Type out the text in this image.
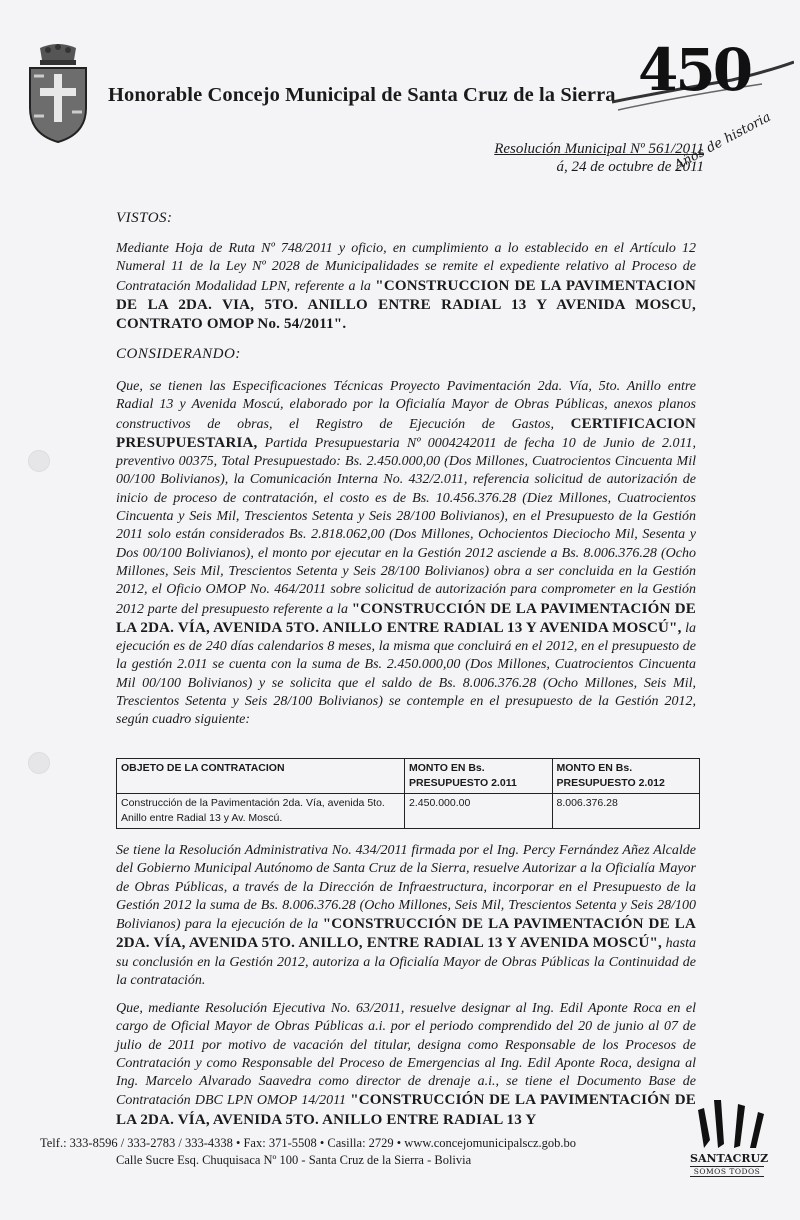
Honorable Concejo Municipal de Santa Cruz de la Sierra 450
Años de historia
Resolución Municipal Nº 561/2011
á, 24 de octubre de 2011
VISTOS:
Mediante Hoja de Ruta Nº 748/2011 y oficio, en cumplimiento a lo establecido en el Artículo 12 Numeral 11 de la Ley Nº 2028 de Municipalidades se remite el expediente relativo al Proceso de Contratación Modalidad LPN, referente a la "CONSTRUCCION DE LA PAVIMENTACION DE LA 2DA. VIA, 5TO. ANILLO ENTRE RADIAL 13 Y AVENIDA MOSCU, CONTRATO OMOP No. 54/2011".
CONSIDERANDO:
Que, se tienen las Especificaciones Técnicas Proyecto Pavimentación 2da. Vía, 5to. Anillo entre Radial 13 y Avenida Moscú, elaborado por la Oficialía Mayor de Obras Públicas, anexos planos constructivos de obras, el Registro de Ejecución de Gastos, CERTIFICACION PRESUPUESTARIA, Partida Presupuestaria Nº 0004242011 de fecha 10 de Junio de 2.011, preventivo 00375, Total Presupuestado: Bs. 2.450.000,00 (Dos Millones, Cuatrocientos Cincuenta Mil 00/100 Bolivianos), la Comunicación Interna No. 432/2.011, referencia solicitud de autorización de inicio de proceso de contratación, el costo es de Bs. 10.456.376.28 (Diez Millones, Cuatrocientos Cincuenta y Seis Mil, Trescientos Setenta y Seis 28/100 Bolivianos), en el Presupuesto de la Gestión 2011 solo están considerados Bs. 2.818.062,00 (Dos Millones, Ochocientos Dieciocho Mil, Sesenta y Dos 00/100 Bolivianos), el monto por ejecutar en la Gestión 2012 asciende a Bs. 8.006.376.28 (Ocho Millones, Seis Mil, Trescientos Setenta y Seis 28/100 Bolivianos) obra a ser concluida en la Gestión 2012, el Oficio OMOP No. 464/2011 sobre solicitud de autorización para comprometer en la Gestión 2012 parte del presupuesto referente a la "CONSTRUCCIÓN DE LA PAVIMENTACIÓN DE LA 2DA. VÍA, AVENIDA 5TO. ANILLO ENTRE RADIAL 13 Y AVENIDA MOSCÚ", la ejecución es de 240 días calendarios 8 meses, la misma que concluirá en el 2012, en el presupuesto de la gestión 2.011 se cuenta con la suma de Bs. 2.450.000,00 (Dos Millones, Cuatrocientos Cincuenta Mil 00/100 Bolivianos) y se solicita que el saldo de Bs. 8.006.376.28 (Ocho Millones, Seis Mil, Trescientos Setenta y Seis 28/100 Bolivianos) se contemple en el presupuesto de la Gestión 2012, según cuadro siguiente:
OBJETO DE LA CONTRATACION	MONTO EN Bs. PRESUPUESTO 2.011	MONTO EN Bs. PRESUPUESTO 2.012
Construcción de la Pavimentación 2da. Vía, avenida 5to. Anillo entre Radial 13 y Av. Moscú.	2.450.000.00	8.006.376.28
Se tiene la Resolución Administrativa No. 434/2011 firmada por el Ing. Percy Fernández Añez Alcalde del Gobierno Municipal Autónomo de Santa Cruz de la Sierra, resuelve Autorizar a la Oficialía Mayor de Obras Públicas, a través de la Dirección de Infraestructura, incorporar en el Presupuesto de la Gestión 2012 la suma de Bs. 8.006.376.28 (Ocho Millones, Seis Mil, Trescientos Setenta y Seis 28/100 Bolivianos) para la ejecución de la "CONSTRUCCIÓN DE LA PAVIMENTACIÓN DE LA 2DA. VÍA, AVENIDA 5TO. ANILLO, ENTRE RADIAL 13 Y AVENIDA MOSCÚ", hasta su conclusión en la Gestión 2012, autoriza a la Oficialía Mayor de Obras Públicas la Continuidad de la contratación.
Que, mediante Resolución Ejecutiva No. 63/2011, resuelve designar al Ing. Edil Aponte Roca en el cargo de Oficial Mayor de Obras Públicas a.i. por el periodo comprendido del 20 de junio al 07 de julio de 2011 por motivo de vacación del titular, designa como Responsable de los Procesos de Contratación y como Responsable del Proceso de Emergencias al Ing. Edil Aponte Roca, designa al Ing. Marcelo Alvarado Saavedra como director de drenaje a.i., se tiene el Documento Base de Contratación DBC LPN OMOP 14/2011 "CONSTRUCCIÓN DE LA PAVIMENTACIÓN DE LA 2DA. VÍA, AVENIDA 5TO. ANILLO ENTRE RADIAL 13 Y
Telf.: 333-8596 / 333-2783 / 333-4338 • Fax: 371-5508 • Casilla: 2729 • www.concejomunicipalscz.gob.bo
Calle Sucre Esq. Chuquisaca Nº 100 - Santa Cruz de la Sierra - Bolivia	SANTACRUZ
SOMOS TODOS
